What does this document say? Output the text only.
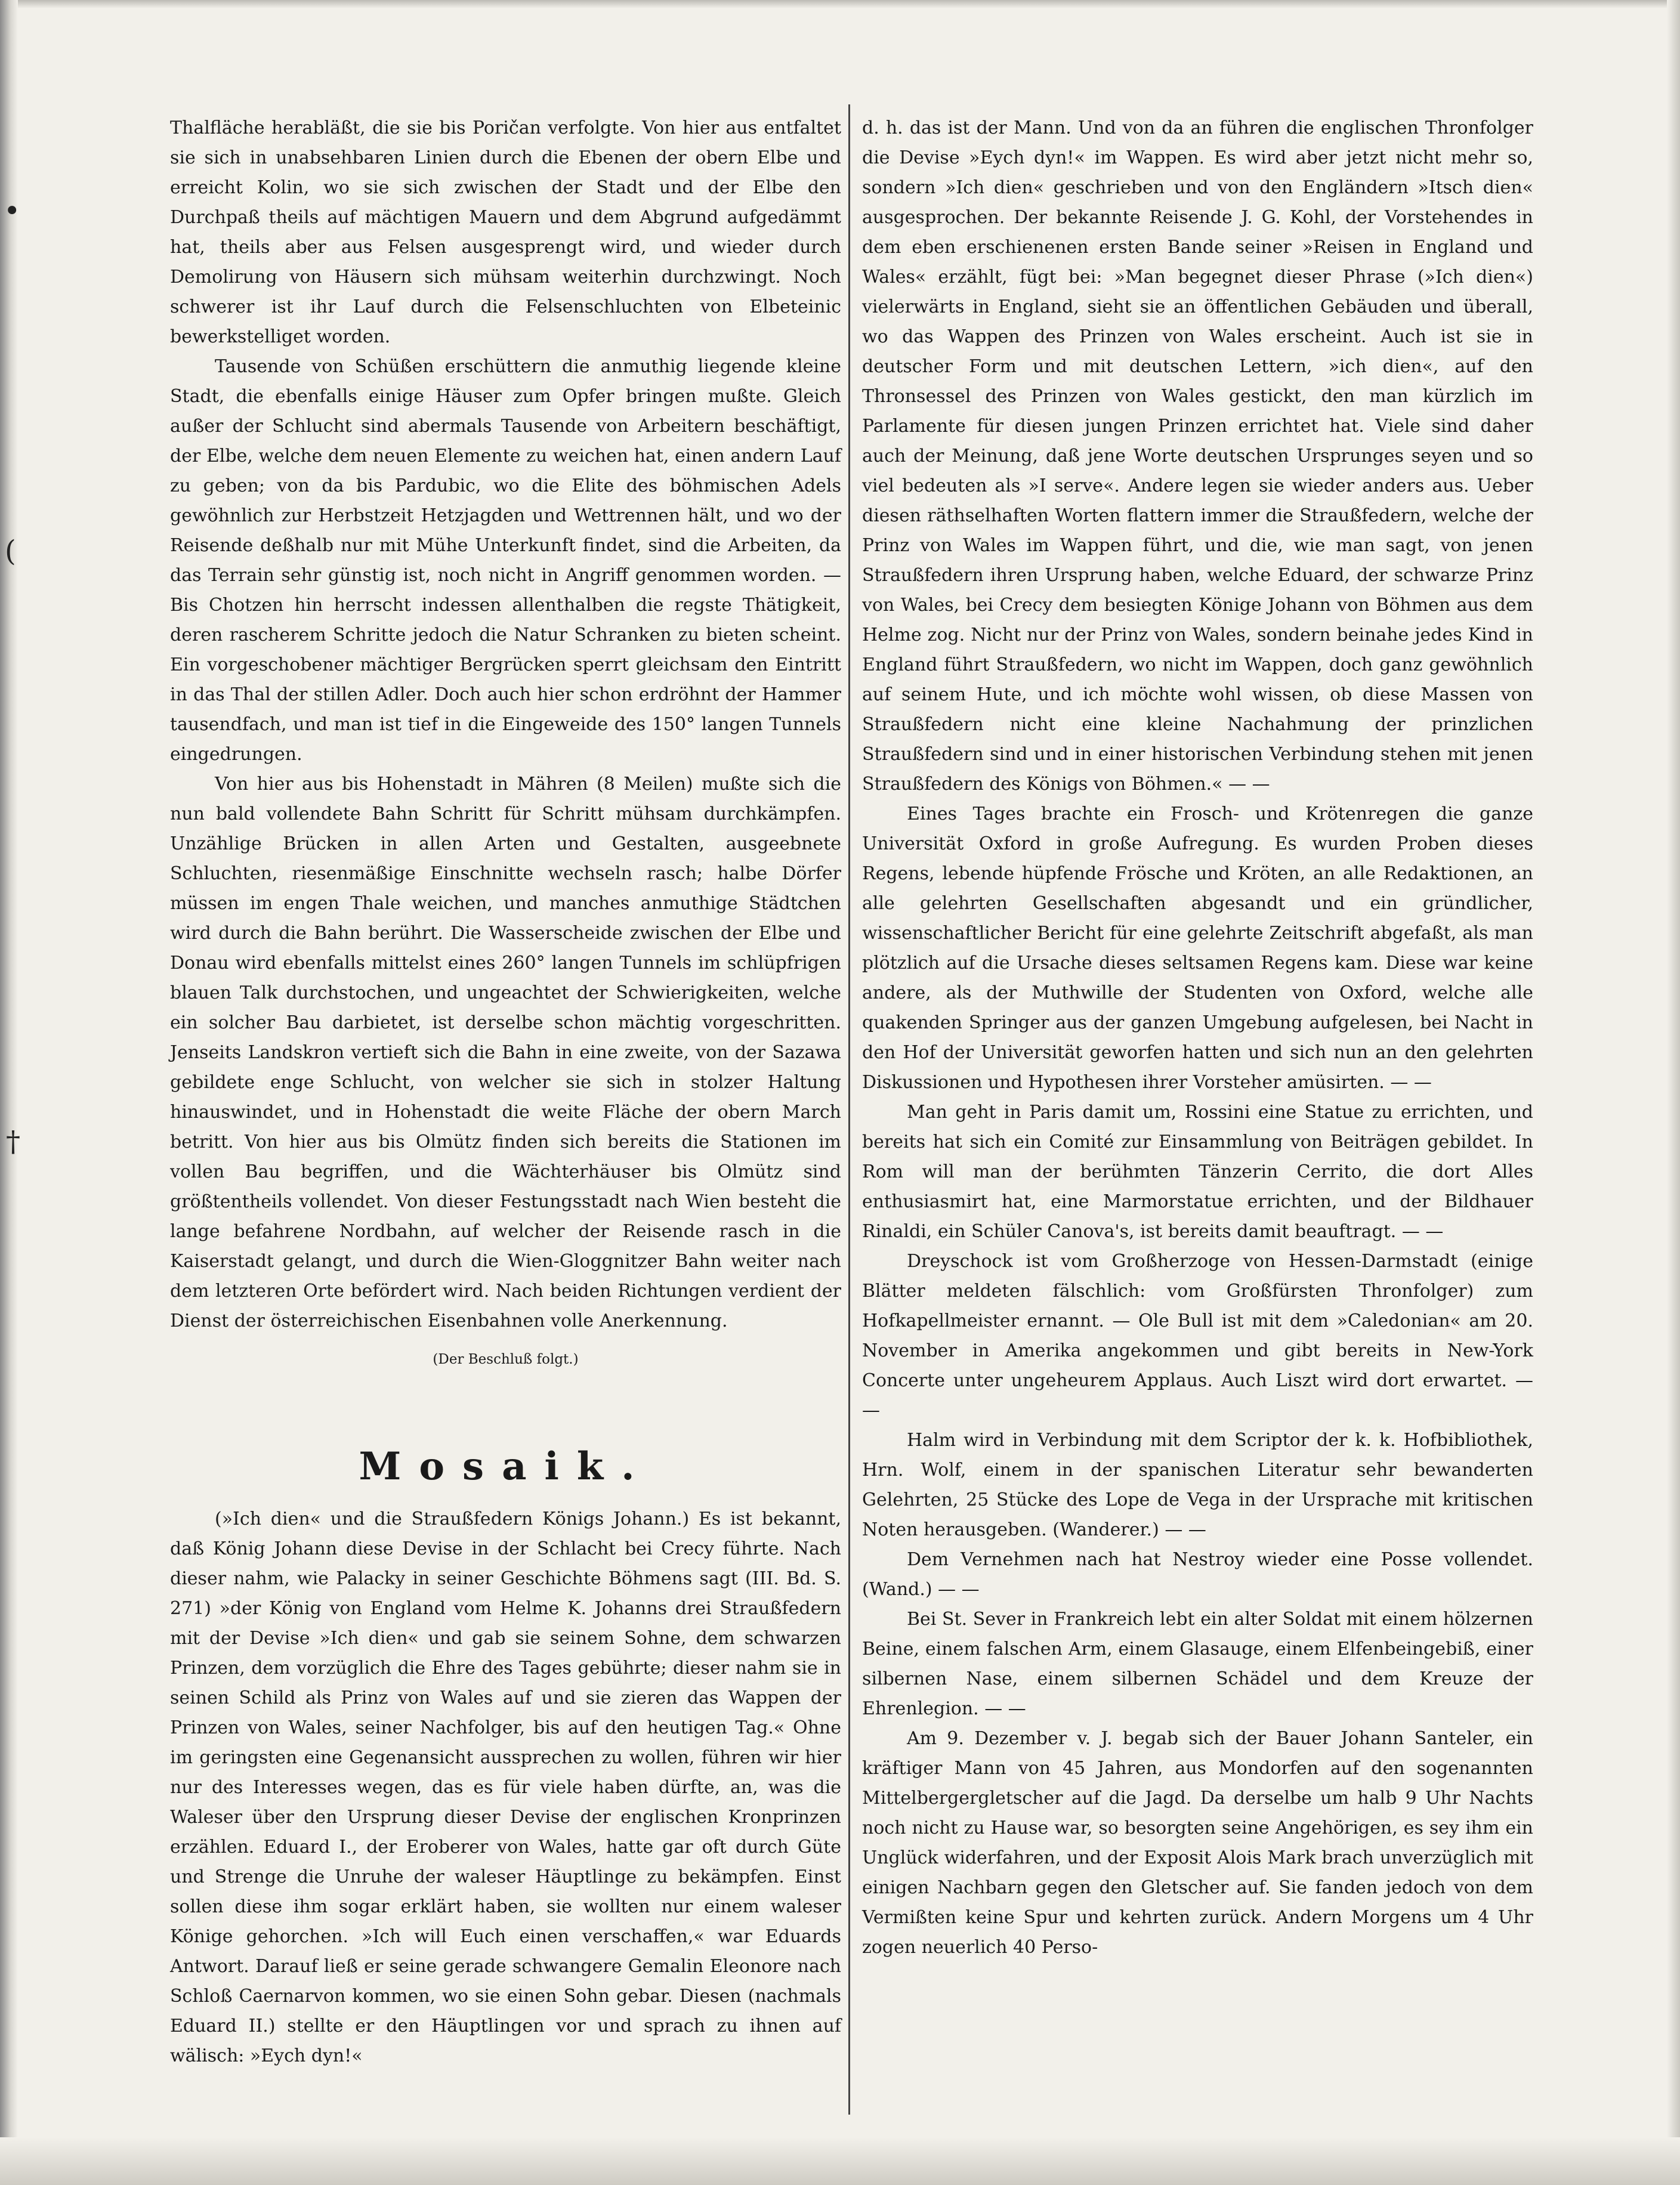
•
(
†

Thalfläche herabläßt, die sie bis Poričan verfolgte. Von hier aus entfaltet sie sich in unabsehbaren Linien durch die Ebenen der obern Elbe und erreicht Kolin, wo sie sich zwischen der Stadt und der Elbe den Durchpaß theils auf mächtigen Mauern und dem Abgrund aufgedämmt hat, theils aber aus Felsen ausgesprengt wird, und wieder durch Demolirung von Häusern sich mühsam weiterhin durchzwingt. Noch schwerer ist ihr Lauf durch die Felsenschluchten von Elbeteinic bewerkstelliget worden.

Tausende von Schüßen erschüttern die anmuthig liegende kleine Stadt, die ebenfalls einige Häuser zum Opfer bringen mußte. Gleich außer der Schlucht sind abermals Tausende von Arbeitern beschäftigt, der Elbe, welche dem neuen Elemente zu weichen hat, einen andern Lauf zu geben; von da bis Pardubic, wo die Elite des böhmischen Adels gewöhnlich zur Herbstzeit Hetzjagden und Wettrennen hält, und wo der Reisende deßhalb nur mit Mühe Unterkunft findet, sind die Arbeiten, da das Terrain sehr günstig ist, noch nicht in Angriff genommen worden. — Bis Chotzen hin herrscht indessen allenthalben die regste Thätigkeit, deren rascherem Schritte jedoch die Natur Schranken zu bieten scheint. Ein vorgeschobener mächtiger Bergrücken sperrt gleichsam den Eintritt in das Thal der stillen Adler. Doch auch hier schon erdröhnt der Hammer tausendfach, und man ist tief in die Eingeweide des 150° langen Tunnels eingedrungen.

Von hier aus bis Hohenstadt in Mähren (8 Meilen) mußte sich die nun bald vollendete Bahn Schritt für Schritt mühsam durchkämpfen. Unzählige Brücken in allen Arten und Gestalten, ausgeebnete Schluchten, riesenmäßige Einschnitte wechseln rasch; halbe Dörfer müssen im engen Thale weichen, und manches anmuthige Städtchen wird durch die Bahn berührt. Die Wasserscheide zwischen der Elbe und Donau wird ebenfalls mittelst eines 260° langen Tunnels im schlüpfrigen blauen Talk durchstochen, und ungeachtet der Schwierigkeiten, welche ein solcher Bau darbietet, ist derselbe schon mächtig vorgeschritten. Jenseits Landskron vertieft sich die Bahn in eine zweite, von der Sazawa gebildete enge Schlucht, von welcher sie sich in stolzer Haltung hinauswindet, und in Hohenstadt die weite Fläche der obern March betritt. Von hier aus bis Olmütz finden sich bereits die Stationen im vollen Bau begriffen, und die Wächterhäuser bis Olmütz sind größtentheils vollendet. Von dieser Festungsstadt nach Wien besteht die lange befahrene Nordbahn, auf welcher der Reisende rasch in die Kaiserstadt gelangt, und durch die Wien-Gloggnitzer Bahn weiter nach dem letzteren Orte befördert wird. Nach beiden Richtungen verdient der Dienst der österreichischen Eisenbahnen volle Anerkennung.

(Der Beschluß folgt.)
Mosaik.

(»Ich dien« und die Straußfedern Königs Johann.) Es ist bekannt, daß König Johann diese Devise in der Schlacht bei Crecy führte. Nach dieser nahm, wie Palacky in seiner Geschichte Böhmens sagt (III. Bd. S. 271) »der König von England vom Helme K. Johanns drei Straußfedern mit der Devise »Ich dien« und gab sie seinem Sohne, dem schwarzen Prinzen, dem vorzüglich die Ehre des Tages gebührte; dieser nahm sie in seinen Schild als Prinz von Wales auf und sie zieren das Wappen der Prinzen von Wales, seiner Nachfolger, bis auf den heutigen Tag.« Ohne im geringsten eine Gegenansicht aussprechen zu wollen, führen wir hier nur des Interesses wegen, das es für viele haben dürfte, an, was die Waleser über den Ursprung dieser Devise der englischen Kronprinzen erzählen. Eduard I., der Eroberer von Wales, hatte gar oft durch Güte und Strenge die Unruhe der waleser Häuptlinge zu bekämpfen. Einst sollen diese ihm sogar erklärt haben, sie wollten nur einem waleser Könige gehorchen. »Ich will Euch einen verschaffen,« war Eduards Antwort. Darauf ließ er seine gerade schwangere Gemalin Eleonore nach Schloß Caernarvon kommen, wo sie einen Sohn gebar. Diesen (nachmals Eduard II.) stellte er den Häuptlingen vor und sprach zu ihnen auf wälisch: »Eych dyn!«

d. h. das ist der Mann. Und von da an führen die englischen Thronfolger die Devise »Eych dyn!« im Wappen. Es wird aber jetzt nicht mehr so, sondern »Ich dien« geschrieben und von den Engländern »Itsch dien« ausgesprochen. Der bekannte Reisende J. G. Kohl, der Vorstehendes in dem eben erschienenen ersten Bande seiner »Reisen in England und Wales« erzählt, fügt bei: »Man begegnet dieser Phrase (»Ich dien«) vielerwärts in England, sieht sie an öffentlichen Gebäuden und überall, wo das Wappen des Prinzen von Wales erscheint. Auch ist sie in deutscher Form und mit deutschen Lettern, »ich dien«, auf den Thronsessel des Prinzen von Wales gestickt, den man kürzlich im Parlamente für diesen jungen Prinzen errichtet hat. Viele sind daher auch der Meinung, daß jene Worte deutschen Ursprunges seyen und so viel bedeuten als »I serve«. Andere legen sie wieder anders aus. Ueber diesen räthselhaften Worten flattern immer die Straußfedern, welche der Prinz von Wales im Wappen führt, und die, wie man sagt, von jenen Straußfedern ihren Ursprung haben, welche Eduard, der schwarze Prinz von Wales, bei Crecy dem besiegten Könige Johann von Böhmen aus dem Helme zog. Nicht nur der Prinz von Wales, sondern beinahe jedes Kind in England führt Straußfedern, wo nicht im Wappen, doch ganz gewöhnlich auf seinem Hute, und ich möchte wohl wissen, ob diese Massen von Straußfedern nicht eine kleine Nachahmung der prinzlichen Straußfedern sind und in einer historischen Verbindung stehen mit jenen Straußfedern des Königs von Böhmen.« — —

Eines Tages brachte ein Frosch- und Krötenregen die ganze Universität Oxford in große Aufregung. Es wurden Proben dieses Regens, lebende hüpfende Frösche und Kröten, an alle Redaktionen, an alle gelehrten Gesellschaften abgesandt und ein gründlicher, wissenschaftlicher Bericht für eine gelehrte Zeitschrift abgefaßt, als man plötzlich auf die Ursache dieses seltsamen Regens kam. Diese war keine andere, als der Muthwille der Studenten von Oxford, welche alle quakenden Springer aus der ganzen Umgebung aufgelesen, bei Nacht in den Hof der Universität geworfen hatten und sich nun an den gelehrten Diskussionen und Hypothesen ihrer Vorsteher amüsirten. — —

Man geht in Paris damit um, Rossini eine Statue zu errichten, und bereits hat sich ein Comité zur Einsammlung von Beiträgen gebildet. In Rom will man der berühmten Tänzerin Cerrito, die dort Alles enthusiasmirt hat, eine Marmorstatue errichten, und der Bildhauer Rinaldi, ein Schüler Canova's, ist bereits damit beauftragt. — —

Dreyschock ist vom Großherzoge von Hessen-Darmstadt (einige Blätter meldeten fälschlich: vom Großfürsten Thronfolger) zum Hofkapellmeister ernannt. — Ole Bull ist mit dem »Caledonian« am 20. November in Amerika angekommen und gibt bereits in New-York Concerte unter ungeheurem Applaus. Auch Liszt wird dort erwartet. — —

Halm wird in Verbindung mit dem Scriptor der k. k. Hofbibliothek, Hrn. Wolf, einem in der spanischen Literatur sehr bewanderten Gelehrten, 25 Stücke des Lope de Vega in der Ursprache mit kritischen Noten herausgeben. (Wanderer.) — —

Dem Vernehmen nach hat Nestroy wieder eine Posse vollendet. (Wand.) — —

Bei St. Sever in Frankreich lebt ein alter Soldat mit einem hölzernen Beine, einem falschen Arm, einem Glasauge, einem Elfenbeingebiß, einer silbernen Nase, einem silbernen Schädel und dem Kreuze der Ehrenlegion. — —

Am 9. Dezember v. J. begab sich der Bauer Johann Santeler, ein kräftiger Mann von 45 Jahren, aus Mondorfen auf den sogenannten Mittelbergergletscher auf die Jagd. Da derselbe um halb 9 Uhr Nachts noch nicht zu Hause war, so besorgten seine Angehörigen, es sey ihm ein Unglück widerfahren, und der Exposit Alois Mark brach unverzüglich mit einigen Nachbarn gegen den Gletscher auf. Sie fanden jedoch von dem Vermißten keine Spur und kehrten zurück. Andern Morgens um 4 Uhr zogen neuerlich 40 Perso-
